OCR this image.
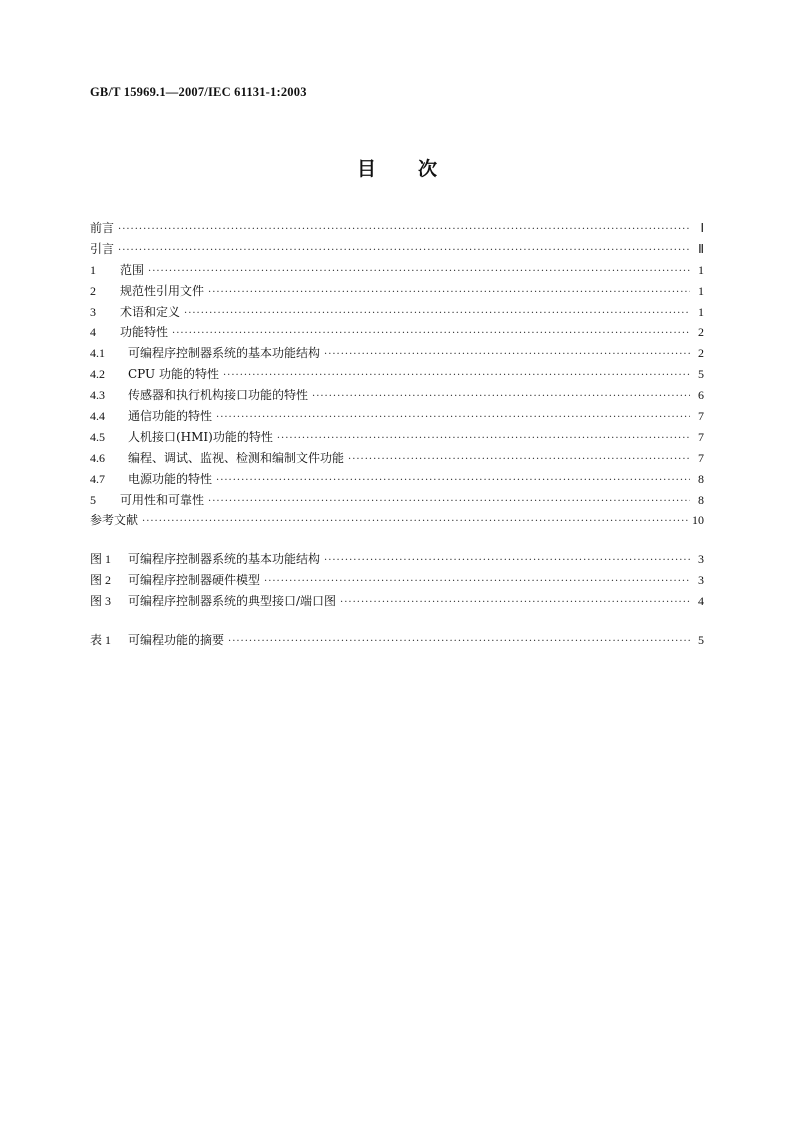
GB/T 15969.1—2007/IEC 61131-1:2003
目 次
前言 ·····	Ⅰ
引言 ·····	Ⅱ
1	范围 ·····	1
2	规范性引用文件 ·····	1
3	术语和定义 ·····	1
4	功能特性 ·····	2
4.1	可编程序控制器系统的基本功能结构 ·····	2
4.2	CPU 功能的特性 ·····	5
4.3	传感器和执行机构接口功能的特性 ·····	6
4.4	通信功能的特性 ·····	7
4.5	人机接口(HMI)功能的特性 ·····	7
4.6	编程、调试、监视、检测和编制文件功能 ·····	7
4.7	电源功能的特性 ·····	8
5	可用性和可靠性 ·····	8
参考文献 ·····	10
图 1	可编程序控制器系统的基本功能结构 ·····	3
图 2	可编程序控制器硬件模型 ·····	3
图 3	可编程序控制器系统的典型接口/端口图 ·····	4
表 1	可编程功能的摘要 ·····	5
